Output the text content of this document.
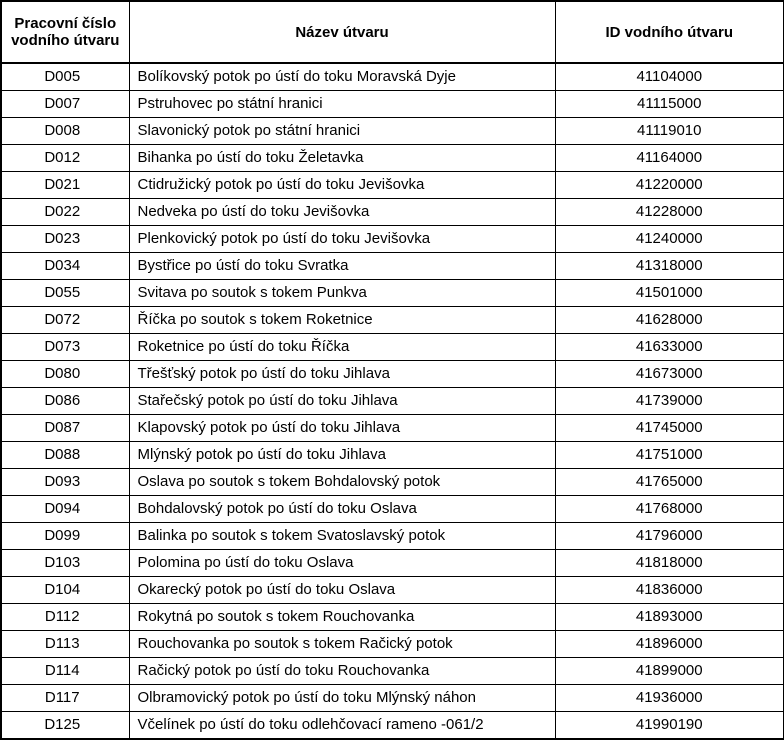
Pracovní číslo vodního útvaru	Název útvaru	ID vodního útvaru
D005	Bolíkovský potok po ústí do toku Moravská Dyje	41104000
D007	Pstruhovec po státní hranici	41115000
D008	Slavonický potok po státní hranici	41119010
D012	Bihanka po ústí do toku Želetavka	41164000
D021	Ctidružický potok po ústí do toku Jevišovka	41220000
D022	Nedveka po ústí do toku Jevišovka	41228000
D023	Plenkovický potok po ústí do toku Jevišovka	41240000
D034	Bystřice po ústí do toku Svratka	41318000
D055	Svitava po soutok s tokem Punkva	41501000
D072	Říčka po soutok s tokem Roketnice	41628000
D073	Roketnice po ústí do toku Říčka	41633000
D080	Třešťský potok po ústí do toku Jihlava	41673000
D086	Stařečský potok po ústí do toku Jihlava	41739000
D087	Klapovský potok po ústí do toku Jihlava	41745000
D088	Mlýnský potok po ústí do toku Jihlava	41751000
D093	Oslava po soutok s tokem Bohdalovský potok	41765000
D094	Bohdalovský potok po ústí do toku Oslava	41768000
D099	Balinka po soutok s tokem Svatoslavský potok	41796000
D103	Polomina po ústí do toku Oslava	41818000
D104	Okarecký potok po ústí do toku Oslava	41836000
D112	Rokytná po soutok s tokem Rouchovanka	41893000
D113	Rouchovanka po soutok s tokem Račický potok	41896000
D114	Račický potok po ústí do toku Rouchovanka	41899000
D117	Olbramovický potok po ústí do toku Mlýnský náhon	41936000
D125	Včelínek po ústí do toku odlehčovací rameno -061/2	41990190
